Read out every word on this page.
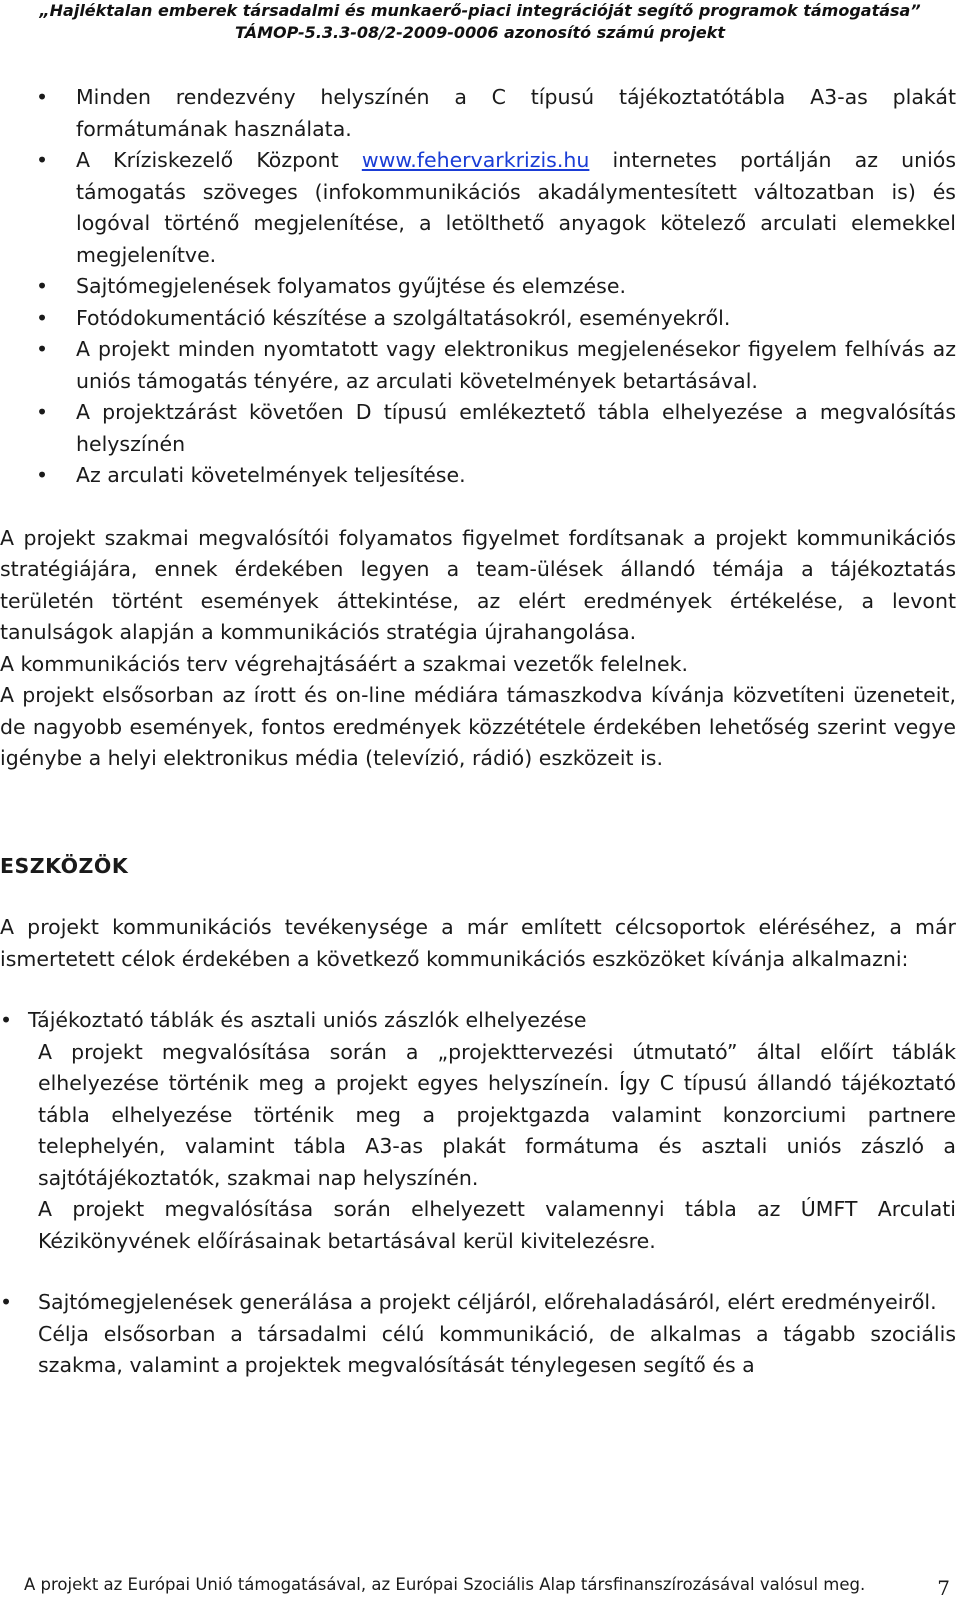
„Hajléktalan emberek társadalmi és munkaerő-piaci integrációját segítő programok támogatása”
TÁMOP-5.3.3-08/2-2009-0006 azonosító számú projekt
• Minden rendezvény helyszínén a C típusú tájékoztatótábla A3-as plakát formátumának használata.
• A Kríziskezelő Központ www.fehervarkrizis.hu internetes portálján az uniós támogatás szöveges (infokommunikációs akadálymentesített változatban is) és logóval történő megjelenítése, a letölthető anyagok kötelező arculati elemekkel megjelenítve.
• Sajtómegjelenések folyamatos gyűjtése és elemzése.
• Fotódokumentáció készítése a szolgáltatásokról, eseményekről.
• A projekt minden nyomtatott vagy elektronikus megjelenésekor figyelem felhívás az uniós támogatás tényére, az arculati követelmények betartásával.
• A projektzárást követően D típusú emlékeztető tábla elhelyezése a megvalósítás helyszínén
• Az arculati követelmények teljesítése.

A projekt szakmai megvalósítói folyamatos figyelmet fordítsanak a projekt kommunikációs stratégiájára, ennek érdekében legyen a team-ülések állandó témája a tájékoztatás területén történt események áttekintése, az elért eredmények értékelése, a levont tanulságok alapján a kommunikációs stratégia újrahangolása.

A kommunikációs terv végrehajtásáért a szakmai vezetők felelnek.

A projekt elsősorban az írott és on-line médiára támaszkodva kívánja közvetíteni üzeneteit, de nagyobb események, fontos eredmények közzététele érdekében lehetőség szerint vegye igénybe a helyi elektronikus média (televízió, rádió) eszközeit is.

ESZKÖZÖK
A projekt kommunikációs tevékenysége a már említett célcsoportok eléréséhez, a már ismertetett célok érdekében a következő kommunikációs eszközöket kívánja alkalmazni:
• Tájékoztató táblák és asztali uniós zászlók elhelyezése

A projekt megvalósítása során a „projekttervezési útmutató” által előírt táblák elhelyezése történik meg a projekt egyes helyszíneín. Így C típusú állandó tájékoztató tábla elhelyezése történik meg a projektgazda valamint konzorciumi partnere telephelyén, valamint tábla A3-as plakát formátuma és asztali uniós zászló a sajtótájékoztatók, szakmai nap helyszínén.

A projekt megvalósítása során elhelyezett valamennyi tábla az ÚMFT Arculati Kézikönyvének előírásainak betartásával kerül kivitelezésre.

•	Sajtómegjelenések generálása a projekt céljáról, előrehaladásáról, elért eredményeiről.

Célja elsősorban a társadalmi célú kommunikáció, de alkalmas a tágabb szociális szakma, valamint a projektek megvalósítását ténylegesen segítő és a

A projekt az Európai Unió támogatásával, az Európai Szociális Alap társfinanszírozásával valósul meg.	7
